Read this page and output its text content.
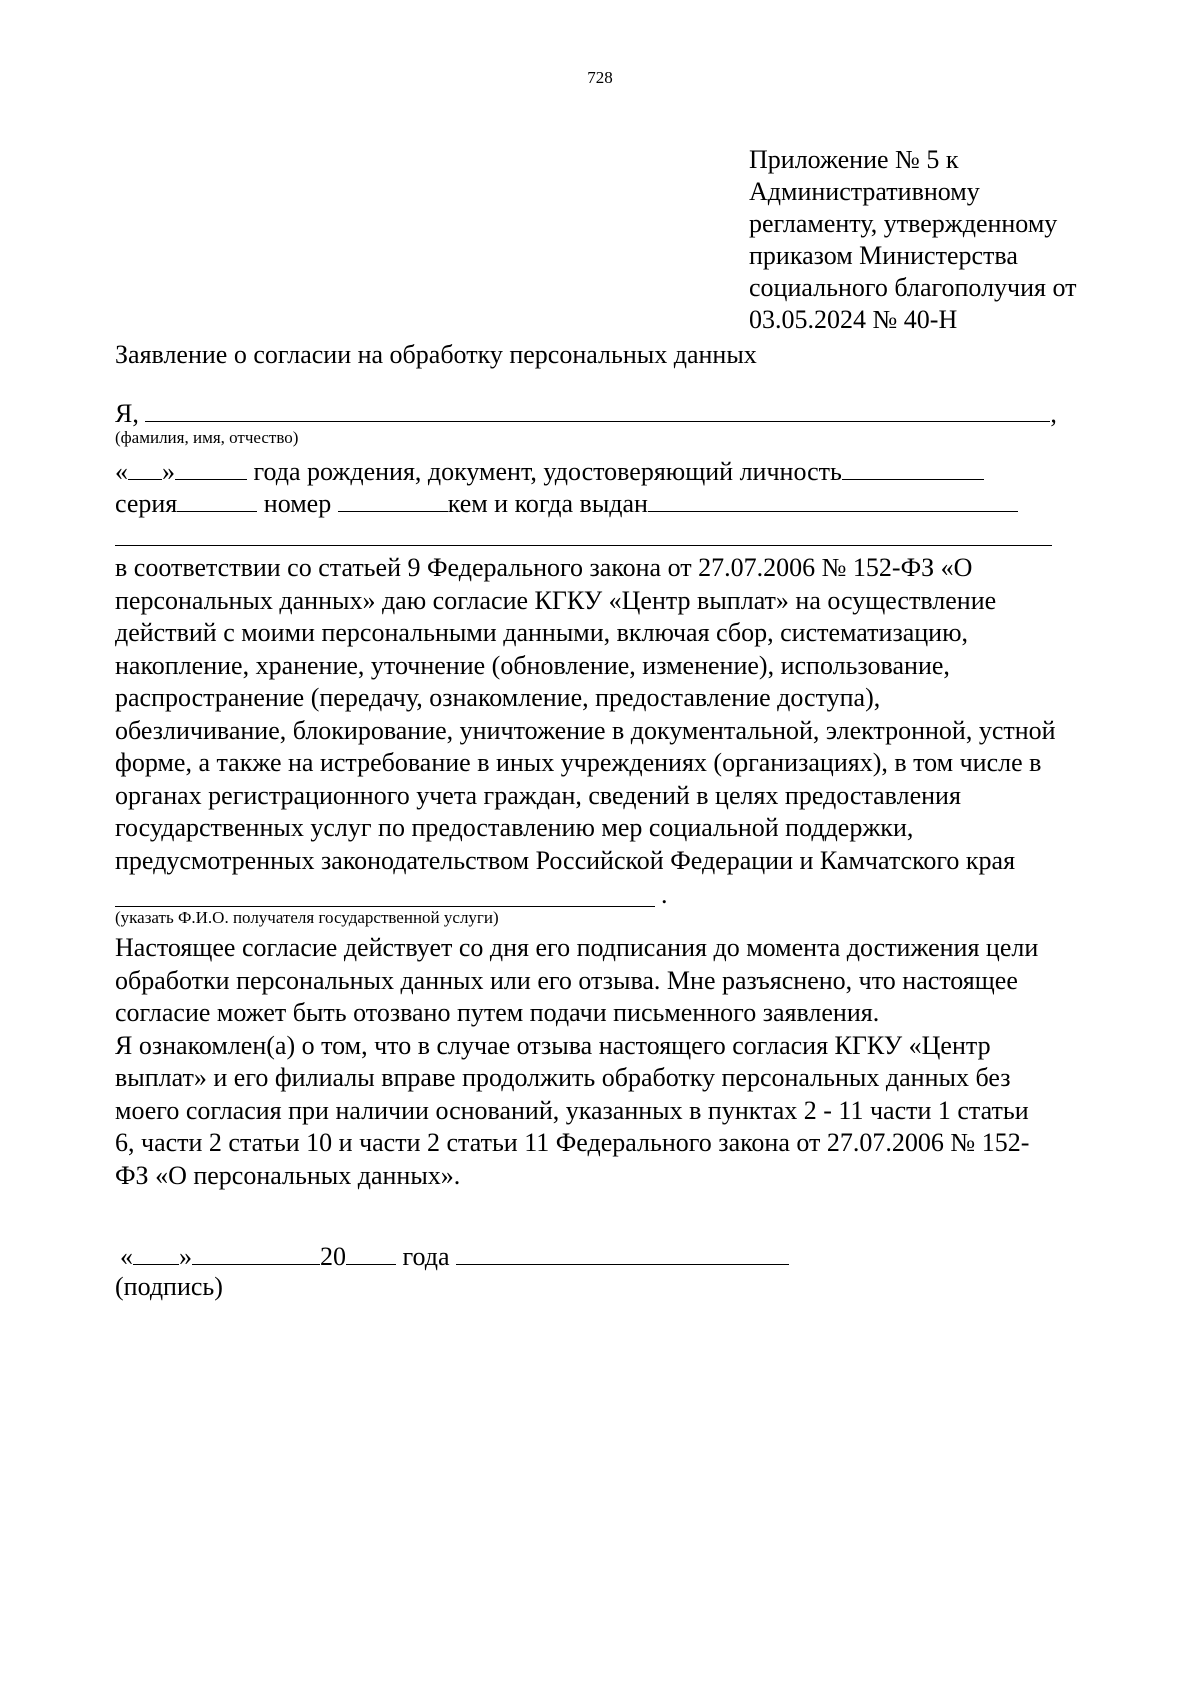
728
Приложение № 5 к
Административному
регламенту, утвержденному
приказом Министерства
социального благополучия от
03.05.2024 № 40-Н
Заявление о согласии на обработку персональных данных
Я,	,
(фамилия, имя, отчество)
« »	года рождения, документ, удостоверяющий личность
серия	номер	кем и когда выдан
в соответствии со статьей 9 Федерального закона от 27.07.2006 № 152-ФЗ «О
персональных данных» даю согласие КГКУ «Центр выплат» на осуществление
действий с моими персональными данными, включая сбор, систематизацию,
накопление, хранение, уточнение (обновление, изменение), использование,
распространение (передачу, ознакомление, предоставление доступа),
обезличивание, блокирование, уничтожение в документальной, электронной, устной
форме, а также на истребование в иных учреждениях (организациях), в том числе в
органах регистрационного учета граждан, сведений в целях предоставления
государственных услуг по предоставлению мер социальной поддержки,
предусмотренных законодательством Российской Федерации и Камчатского края
.
(указать Ф.И.О. получателя государственной услуги)
Настоящее согласие действует со дня его подписания до момента достижения цели
обработки персональных данных или его отзыва. Мне разъяснено, что настоящее
согласие может быть отозвано путем подачи письменного заявления.
Я ознакомлен(а) о том, что в случае отзыва настоящего согласия КГКУ «Центр
выплат» и его филиалы вправе продолжить обработку персональных данных без
моего согласия при наличии оснований, указанных в пунктах 2 - 11 части 1 статьи
6, части 2 статьи 10 и части 2 статьи 11 Федерального закона от 27.07.2006 № 152-
ФЗ «О персональных данных».
« »	20 года
(подпись)
